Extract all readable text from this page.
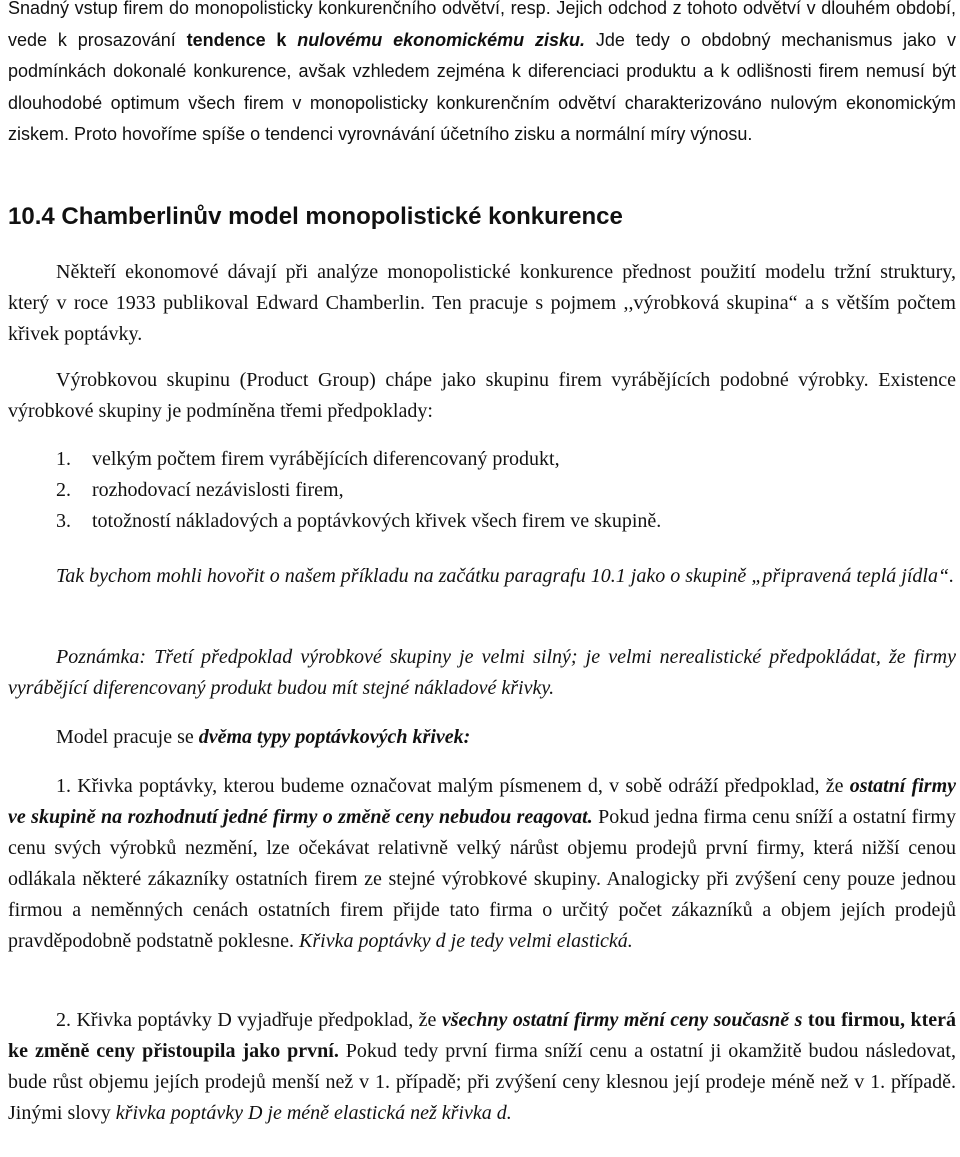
Snadný vstup firem do monopolisticky konkurenčního odvětví, resp. Jejich odchod z tohoto odvětví v dlouhém období, vede k prosazování tendence k nulovému ekonomickému zisku. Jde tedy o obdobný mechanismus jako v podmínkách dokonalé konkurence, avšak vzhledem zejména k diferenciaci produktu a k odlišnosti firem nemusí být dlouhodobé optimum všech firem v monopolisticky konkurenčním odvětví charakterizováno nulovým ekonomickým ziskem. Proto hovoříme spíše o tendenci vyrovnávání účetního zisku a normální míry výnosu.

10.4 Chamberlinův model monopolistické konkurence

Někteří ekonomové dávají při analýze monopolistické konkurence přednost použití modelu tržní struktury, který v roce 1933 publikoval Edward Chamberlin. Ten pracuje s pojmem ,,výrobková skupina“ a s větším počtem křivek poptávky.

Výrobkovou skupinu (Product Group) chápe jako skupinu firem vyrábějících podobné výrobky. Existence výrobkové skupiny je podmíněna třemi předpoklady:

1. velkým počtem firem vyrábějících diferencovaný produkt,
2. rozhodovací nezávislosti firem,
3. totožností nákladových a poptávkových křivek všech firem ve skupině.

Tak bychom mohli hovořit o našem příkladu na začátku paragrafu 10.1 jako o skupině „připravená teplá jídla“.

Poznámka: Třetí předpoklad výrobkové skupiny je velmi silný; je velmi nerealistické předpokládat, že firmy vyrábějící diferencovaný produkt budou mít stejné nákladové křivky.

Model pracuje se dvěma typy poptávkových křivek:

1. Křivka poptávky, kterou budeme označovat malým písmenem d, v sobě odráží předpoklad, že ostatní firmy ve skupině na rozhodnutí jedné firmy o změně ceny nebudou reagovat. Pokud jedna firma cenu sníží a ostatní firmy cenu svých výrobků nezmění, lze očekávat relativně velký nárůst objemu prodejů první firmy, která nižší cenou odlákala některé zákazníky ostatních firem ze stejné výrobkové skupiny. Analogicky při zvýšení ceny pouze jednou firmou a neměnných cenách ostatních firem přijde tato firma o určitý počet zákazníků a objem jejích prodejů pravděpodobně podstatně poklesne. Křivka poptávky d je tedy velmi elastická.

2. Křivka poptávky D vyjadřuje předpoklad, že všechny ostatní firmy mění ceny současně s tou firmou, která ke změně ceny přistoupila jako první. Pokud tedy první firma sníží cenu a ostatní ji okamžitě budou následovat, bude růst objemu jejích prodejů menší než v 1. případě; při zvýšení ceny klesnou její prodeje méně než v 1. případě. Jinými slovy křivka poptávky D je méně elastická než křivka d.
